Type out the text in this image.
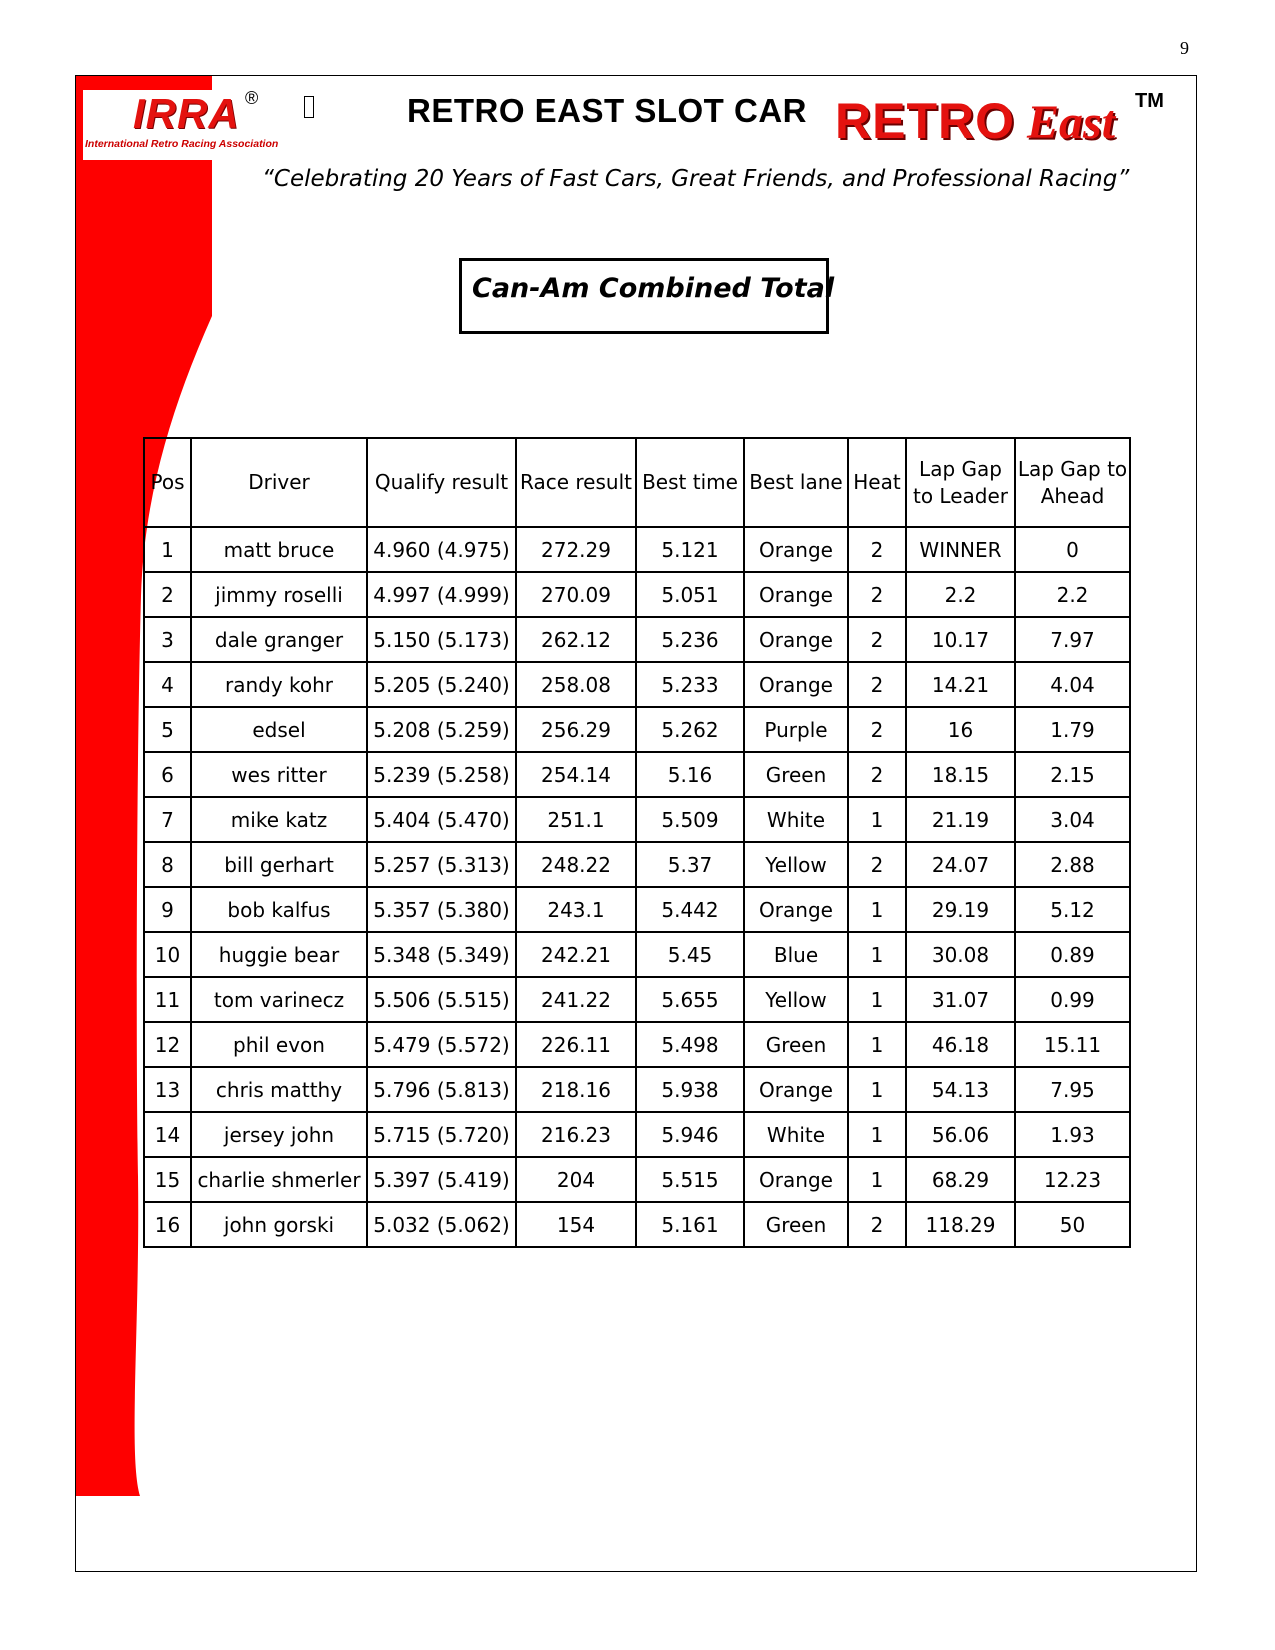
9
IRRA ®
International Retro Racing Association
RETRO EAST SLOT CAR RETRO East TM
“Celebrating 20 Years of Fast Cars, Great Friends, and Professional Racing”
Can-Am Combined Total
Pos	Driver	Qualify result	Race result	Best time	Best lane	Heat	Lap Gap to Leader	Lap Gap to Ahead
1	matt bruce	4.960 (4.975)	272.29	5.121	Orange	2	WINNER	0
2	jimmy roselli	4.997 (4.999)	270.09	5.051	Orange	2	2.2	2.2
3	dale granger	5.150 (5.173)	262.12	5.236	Orange	2	10.17	7.97
4	randy kohr	5.205 (5.240)	258.08	5.233	Orange	2	14.21	4.04
5	edsel	5.208 (5.259)	256.29	5.262	Purple	2	16	1.79
6	wes ritter	5.239 (5.258)	254.14	5.16	Green	2	18.15	2.15
7	mike katz	5.404 (5.470)	251.1	5.509	White	1	21.19	3.04
8	bill gerhart	5.257 (5.313)	248.22	5.37	Yellow	2	24.07	2.88
9	bob kalfus	5.357 (5.380)	243.1	5.442	Orange	1	29.19	5.12
10	huggie bear	5.348 (5.349)	242.21	5.45	Blue	1	30.08	0.89
11	tom varinecz	5.506 (5.515)	241.22	5.655	Yellow	1	31.07	0.99
12	phil evon	5.479 (5.572)	226.11	5.498	Green	1	46.18	15.11
13	chris matthy	5.796 (5.813)	218.16	5.938	Orange	1	54.13	7.95
14	jersey john	5.715 (5.720)	216.23	5.946	White	1	56.06	1.93
15	charlie shmerler	5.397 (5.419)	204	5.515	Orange	1	68.29	12.23
16	john gorski	5.032 (5.062)	154	5.161	Green	2	118.29	50
